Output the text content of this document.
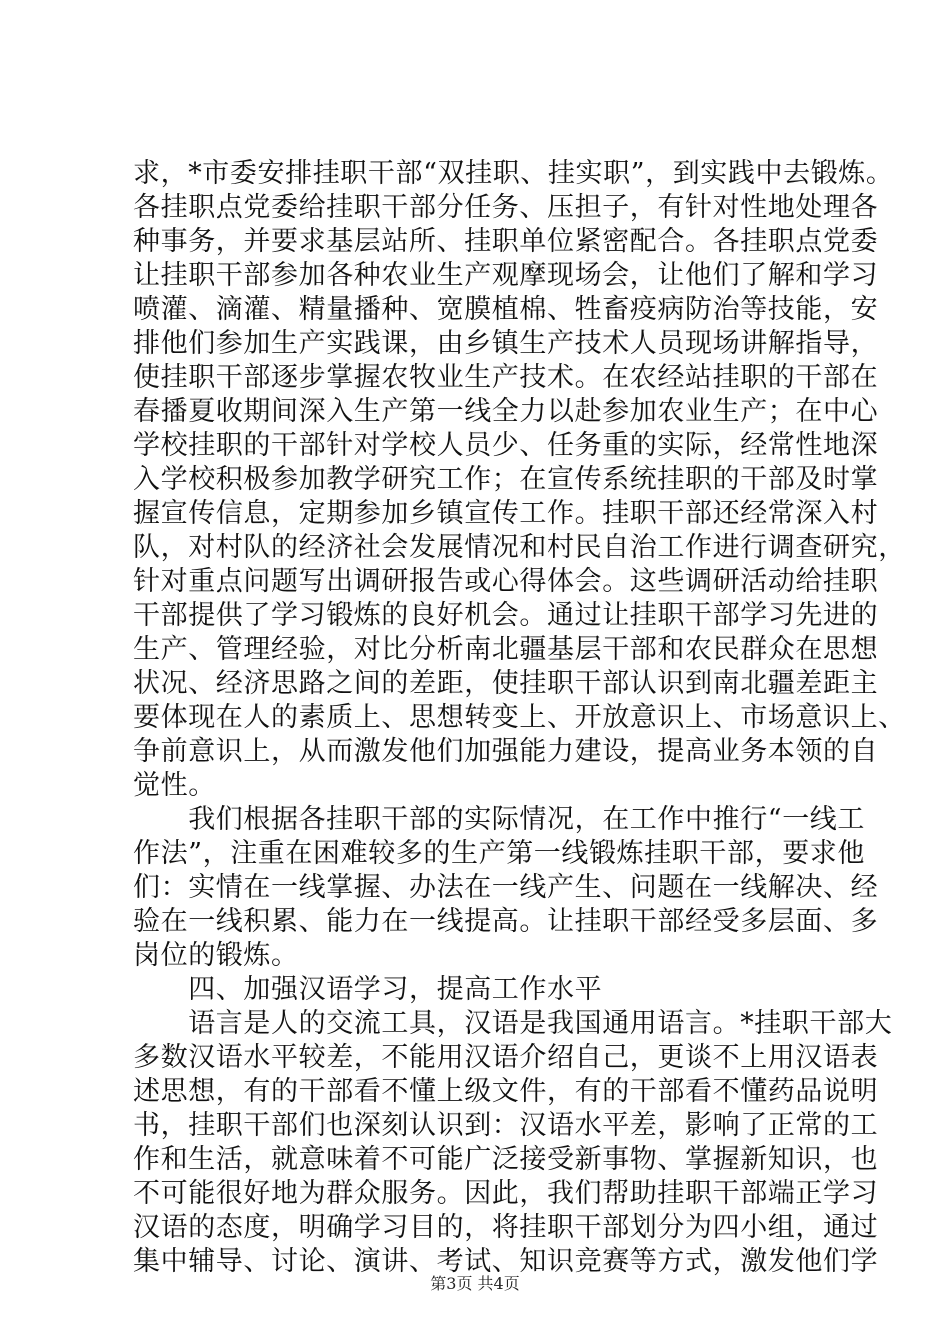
求，*市委安排挂职干部“双挂职、挂实职”，到实践中去锻炼。
各挂职点党委给挂职干部分任务、压担子，有针对性地处理各
种事务，并要求基层站所、挂职单位紧密配合。各挂职点党委
让挂职干部参加各种农业生产观摩现场会，让他们了解和学习
喷灌、滴灌、精量播种、宽膜植棉、牲畜疫病防治等技能，安
排他们参加生产实践课，由乡镇生产技术人员现场讲解指导，
使挂职干部逐步掌握农牧业生产技术。在农经站挂职的干部在
春播夏收期间深入生产第一线全力以赴参加农业生产；在中心
学校挂职的干部针对学校人员少、任务重的实际，经常性地深
入学校积极参加教学研究工作；在宣传系统挂职的干部及时掌
握宣传信息，定期参加乡镇宣传工作。挂职干部还经常深入村
队，对村队的经济社会发展情况和村民自治工作进行调查研究，
针对重点问题写出调研报告或心得体会。这些调研活动给挂职
干部提供了学习锻炼的良好机会。通过让挂职干部学习先进的
生产、管理经验，对比分析南北疆基层干部和农民群众在思想
状况、经济思路之间的差距，使挂职干部认识到南北疆差距主
要体现在人的素质上、思想转变上、开放意识上、市场意识上、
争前意识上，从而激发他们加强能力建设，提高业务本领的自
觉性。
　　我们根据各挂职干部的实际情况，在工作中推行“一线工
作法”，注重在困难较多的生产第一线锻炼挂职干部，要求他
们：实情在一线掌握、办法在一线产生、问题在一线解决、经
验在一线积累、能力在一线提高。让挂职干部经受多层面、多
岗位的锻炼。
　　四、加强汉语学习，提高工作水平
　　语言是人的交流工具，汉语是我国通用语言。*挂职干部大
多数汉语水平较差，不能用汉语介绍自己，更谈不上用汉语表
述思想，有的干部看不懂上级文件，有的干部看不懂药品说明
书，挂职干部们也深刻认识到：汉语水平差，影响了正常的工
作和生活，就意味着不可能广泛接受新事物、掌握新知识，也
不可能很好地为群众服务。因此，我们帮助挂职干部端正学习
汉语的态度，明确学习目的，将挂职干部划分为四小组，通过
集中辅导、讨论、演讲、考试、知识竞赛等方式，激发他们学
第3页 共4页
